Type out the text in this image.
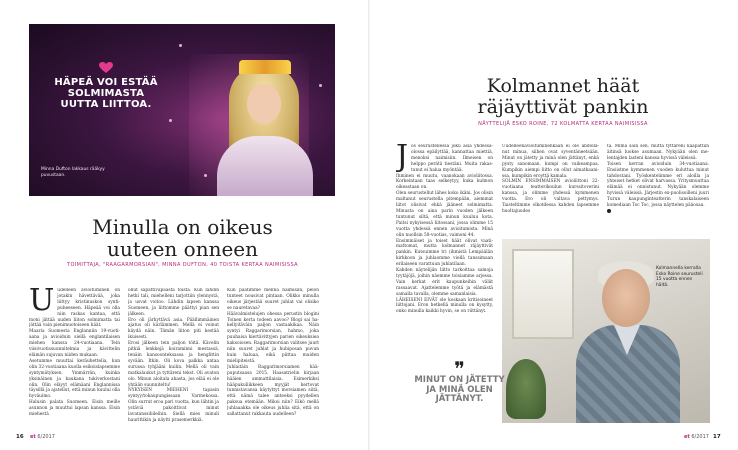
HÄPEÄ VOI ESTÄÄ SOLMIMASTA UUTTA LIITTOA.
Minna Dufton lakkaus rääkyy puvustaan.
Minulla on oikeus uuteen onneen
TOIMITTAJA, "RAAGARMORSIAN", MINNA DUFTON, 40 TOISTA KERTAA NAIMISISSA
U udelleen avioituminen on jotakin hävettävää, joka liittyy kristinuskon syntipuheeseen. Häpeää voi olla niin raskas kantaa, että moni jättää uuden liiton solmimatta tai jättää vain pienimuotoiseen häät.

Maaria Suomesta Englanniin 19-vuotiaana ja avioiduin siellä englantilaisen miehen kanssa 24-vuotiaana. Tein viisivuotissuunnitelmia ja kävittelin elämän sujuvan niiden mukaan.

Asetumme muuttai keräuhettelia, kun olin 32-vuotiaana kuolla esikoislapsemme syntymätyksen. Ymmärrän, kuinka yksinäinen ja kaukana tukiverkostani olin. Olin eläyyt elämäani Englannissa täysillä ja ajatellut, että minun kuului olla hyväuimo.

Halusin palata Suomeen. Eisin meille asunnon ja muuttui lapsan kanssa. Elsin miehestä

ollut sapattivapaasta töistä. Kun lähdin hetki tali, miehelleni tarjottiin ylennystä, ja usvat voitoo. Lähdin lapsen kanssa Suomeen, ja liittomme päättyi pian sen jälkeen.

Ero oli järkyttävä asia. Päällimmäinen ajatus oli kärlämmen. Mellä ei voinut käydä näin. Tämän liiton piti kestää ikuisesti.

Erosi jälkeen tein paljon töitä. Kävelin pitkiä lenkkejä koiraminni mestassä, tenäin kansoonteksassa ja henglittin syvään. Itkin. Oli kova palkka antaa surussa tyhjääni kuilin. Mellä oli vain matkalaukut ja tyttäreni tekst. Oli avaton olo. Minun aloitala ahasta, jos elää ei ole yhtään suunniteltu!

NYKYISEN MIEHENI tapasin syntyy/tokaupungissaan Varmekossa. Olin surrut eroa pari vuotta, kun lähtin ja ystäviä pakoittivat minut lavatanssibileihin. Siellä mies minuli haurittikin ja näytti prasemerkkiä.

Kun päätimme mennä naimisiin, pelon tunteet nousivat pintaan. Olikko minulla oikeus järjestää suuret juhlat vai olisiko se nauretavaa?

Häävalmistelujen ohessa perustin blogini Toinen kerta todeen aavoo? Blogi sai hakellyitäväin paljon vastaakikaa. Näin syntyi Raggarimorsian, hahmo, joka puuhaisa kiertävittyjen parien oikeuksiea kaksoiosen. Raggarimorsian valitsee juurt niin suuret juhlat ja hubiposan puvun kuin haluaa, eikä piittaa muiden mielipiteistä.

Juhlaitäin Raggarimorsiamen hääpuputsaasa 2015. Haasatrielin kirjaan hääien ammattilaisia. Esimerkiksi hääpukuliikkeen myyjät kertovat tunnistavansa käytyttyt morsiamen siitä, että nämä talee anteeksi pyydellen paksua etemään. Mikoi niin? Eikö mellä juhlaaakka ole oikeus juhlia sitä, että on sallattanut rakkauta uudelleen?

16 et 6/2017
Kolmannet häät räjäyttivät pankin
NÄYTTELIJÄ ESKO ROINE, 72 KOLMATTA KERTAA NAIMISISSA
J os seurustellessa joku asia yhdessäolossa epäilyttää, kannattaa miettiä, menoksi naimisiin. Ilmeisen on helppo perätä tiestäni. Muita rakastunut ei halua myöntää.

Ihminen ei muutu, vaanokaan avioliitossa. Korkeintaan taas selkeytyy, kuka kulmon oikeastaan on.

Olen seurustellut lähes koko ikäni. Jos olisin maltanut seurustella pitempään, aiemmat liitot olisivat ehkä jääneet solmimatta. Minusta on aina parin vuoden jälkeen tuntunut siltä, että minun kuuluu kota. Paitsi nykyisessä liitossani, jossa olimme 15 vuotta yhdessä ennen avioitumista. Minä olin nuollsin 58-vuotias, vaimoni 44.

Ensimmäiset ja toiset häät olivat vaatimattomat, mutta kolmannet räjäyttivät pankin. Kutsuimme tri (ihmistä Lempäälän kirkkoon ja juhlaomme viellä tanssimaan erilaiseen varattuun juhlatilaan.

Kahden näytelijän liitto tarkoittaa samoja tyytäjöjä, joihin näemme toisiamme arjessa. Vain kerkat erit kaupunkeihin välät rassaavat. Ajattelemme työtä ja elämästä samalla tavalla, olemme samanlaisia.

LÄHEISENI EIVÄT ole koskaan kritisoineet liittojani. Eron hetkellä minulla on kysytty, onko minulla kaikki hyvin, se on riittänyt.

Uudelleenavioituminenkaan ei ole abdollanut minua, siihen ovat syventäneetsään. Minut on jätetty ja minä olen jättänyt, enkä pysty sanomaan, kumpi on vaikeampaa. Kumpikin aiempi liitto on ollut aimatkaanissa, kumpikin eroyttä kamala.

SOLMIN ENSIMMÄISEN avioliittoni 22-vuotiaana teatterikoulun kurssitoverini kanssa, ja olimme yhdessä kymmenen vuotta. Ero oli valtava pettymys. Taisteltimme olkotdessa kahden lapsemme huoltajuudes

ta. Mimä sain sen, mutta tyttäreni kaapattiin äitinsä luokse asumaan. Nykyään olen melentajden lasteni kanssa hyvissä väleissä.

Toisen kerran avioiduin 34-vuotiaana. Ensiistme kymmenen vuoden kuluttua minut tahdostani. Työskentelimme eri aloilla ja yhteiset hetket olivat harvassa. Yritysmuuttaa elämää ei onnistunut. Nykyään olemme hyvissä väleissä. Järjestin ex-puolisoilleni juuri Turun kaupunginteatterin tanskalaiseen komediaan Toc Toc, jossa näyttelen pääosaa.

Kolmannella kerralla Esko Roine seurusteli 15 vuotta ennen häitä.
❞
MINUT ON JÄTETTY JA MINÄ OLEN JÄTTÄNYT.
et 6/2017 17
